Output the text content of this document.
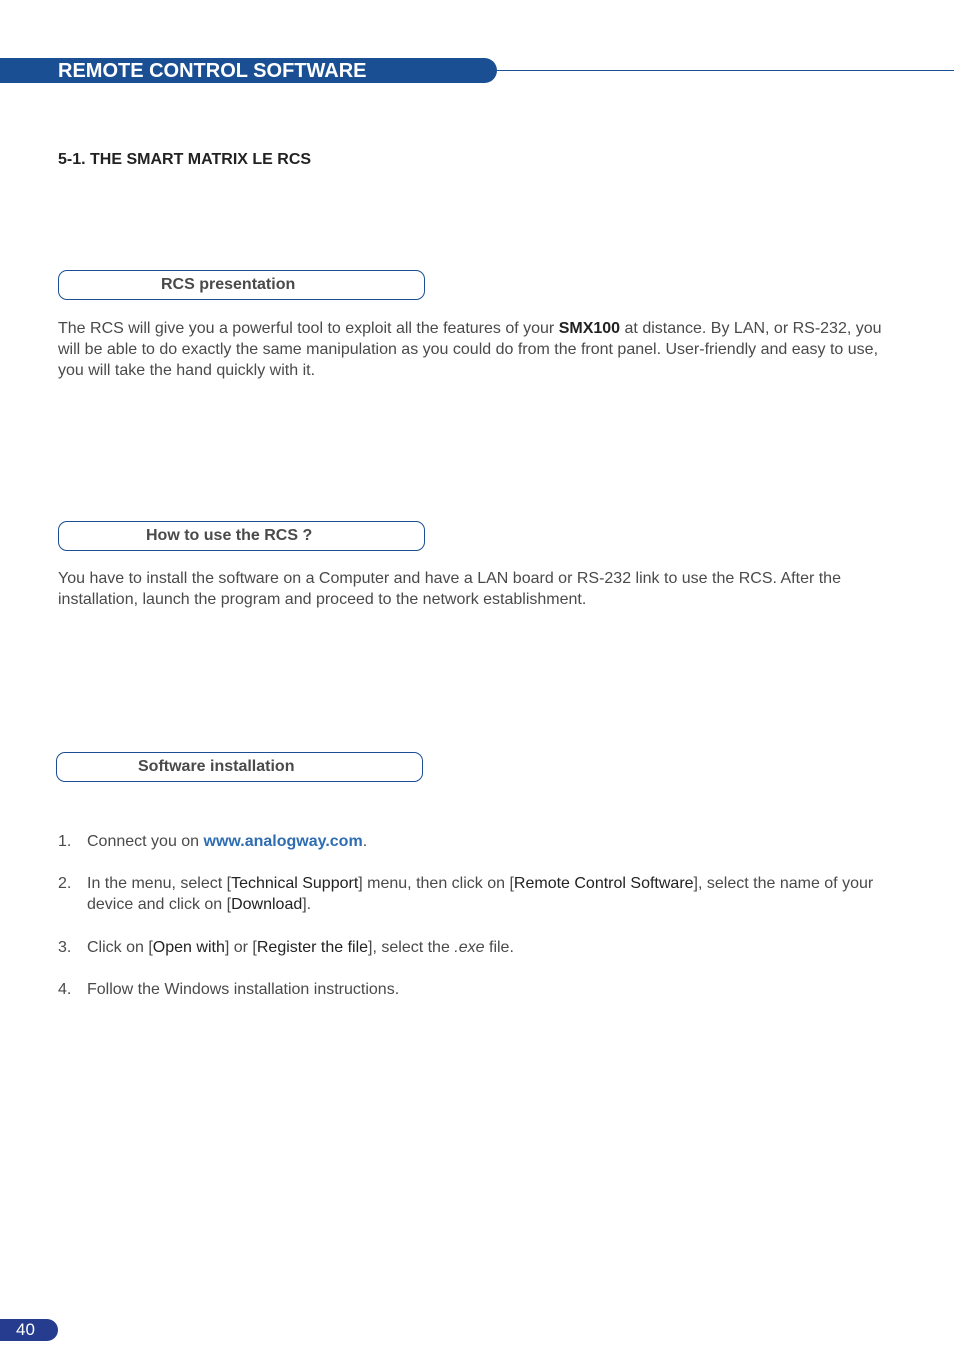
REMOTE CONTROL SOFTWARE
5-1. THE SMART MATRIX LE RCS
RCS presentation
The RCS will give you a powerful tool to exploit all the features of your SMX100 at distance. By LAN, or RS-232, you will be able to do exactly the same manipulation as you could do from the front panel. User-friendly and easy to use, you will take the hand quickly with it.
How to use the RCS ?
You have to install the software on a Computer and have a LAN board or RS-232 link to use the RCS. After the installation, launch the program and proceed to the network establishment.
Software installation
1. Connect you on www.analogway.com.
2. In the menu, select [Technical Support] menu, then click on [Remote Control Software], select the name of your device and click on [Download].
3. Click on [Open with] or [Register the file], select the .exe file.
4. Follow the Windows installation instructions.
40
